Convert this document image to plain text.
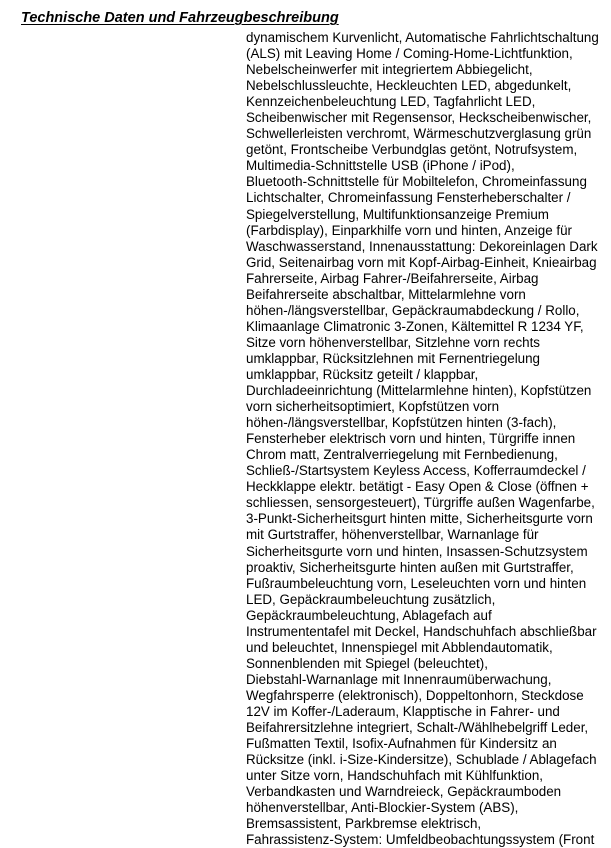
Technische Daten und Fahrzeugbeschreibung
dynamischem Kurvenlicht, Automatische Fahrlichtschaltung
(ALS) mit Leaving Home / Coming-Home-Lichtfunktion,
Nebelscheinwerfer mit integriertem Abbiegelicht,
Nebelschlussleuchte, Heckleuchten LED, abgedunkelt,
Kennzeichenbeleuchtung LED, Tagfahrlicht LED,
Scheibenwischer mit Regensensor, Heckscheibenwischer,
Schwellerleisten verchromt, Wärmeschutzverglasung grün
getönt, Frontscheibe Verbundglas getönt, Notrufsystem,
Multimedia-Schnittstelle USB (iPhone / iPod),
Bluetooth-Schnittstelle für Mobiltelefon, Chromeinfassung
Lichtschalter, Chromeinfassung Fensterheberschalter /
Spiegelverstellung, Multifunktionsanzeige Premium
(Farbdisplay), Einparkhilfe vorn und hinten, Anzeige für
Waschwasserstand, Innenausstattung: Dekoreinlagen Dark
Grid, Seitenairbag vorn mit Kopf-Airbag-Einheit, Knieairbag
Fahrerseite, Airbag Fahrer-/Beifahrerseite, Airbag
Beifahrerseite abschaltbar, Mittelarmlehne vorn
höhen-/längsverstellbar, Gepäckraumabdeckung / Rollo,
Klimaanlage Climatronic 3-Zonen, Kältemittel R 1234 YF,
Sitze vorn höhenverstellbar, Sitzlehne vorn rechts
umklappbar, Rücksitzlehnen mit Fernentriegelung
umklappbar, Rücksitz geteilt / klappbar,
Durchladeeinrichtung (Mittelarmlehne hinten), Kopfstützen
vorn sicherheitsoptimiert, Kopfstützen vorn
höhen-/längsverstellbar, Kopfstützen hinten (3-fach),
Fensterheber elektrisch vorn und hinten, Türgriffe innen
Chrom matt, Zentralverriegelung mit Fernbedienung,
Schließ-/Startsystem Keyless Access, Kofferraumdeckel /
Heckklappe elektr. betätigt - Easy Open & Close (öffnen +
schliessen, sensorgesteuert), Türgriffe außen Wagenfarbe,
3-Punkt-Sicherheitsgurt hinten mitte, Sicherheitsgurte vorn
mit Gurtstraffer, höhenverstellbar, Warnanlage für
Sicherheitsgurte vorn und hinten, Insassen-Schutzsystem
proaktiv, Sicherheitsgurte hinten außen mit Gurtstraffer,
Fußraumbeleuchtung vorn, Leseleuchten vorn und hinten
LED, Gepäckraumbeleuchtung zusätzlich,
Gepäckraumbeleuchtung, Ablagefach auf
Instrumententafel mit Deckel, Handschuhfach abschließbar
und beleuchtet, Innenspiegel mit Abblendautomatik,
Sonnenblenden mit Spiegel (beleuchtet),
Diebstahl-Warnanlage mit Innenraumüberwachung,
Wegfahrsperre (elektronisch), Doppeltonhorn, Steckdose
12V im Koffer-/Laderaum, Klapptische in Fahrer- und
Beifahrersitzlehne integriert, Schalt-/Wählhebelgriff Leder,
Fußmatten Textil, Isofix-Aufnahmen für Kindersitz an
Rücksitze (inkl. i-Size-Kindersitze), Schublade / Ablagefach
unter Sitze vorn, Handschuhfach mit Kühlfunktion,
Verbandkasten und Warndreieck, Gepäckraumboden
höhenverstellbar, Anti-Blockier-System (ABS),
Bremsassistent, Parkbremse elektrisch,
Fahrassistenz-System: Umfeldbeobachtungssystem (Front
